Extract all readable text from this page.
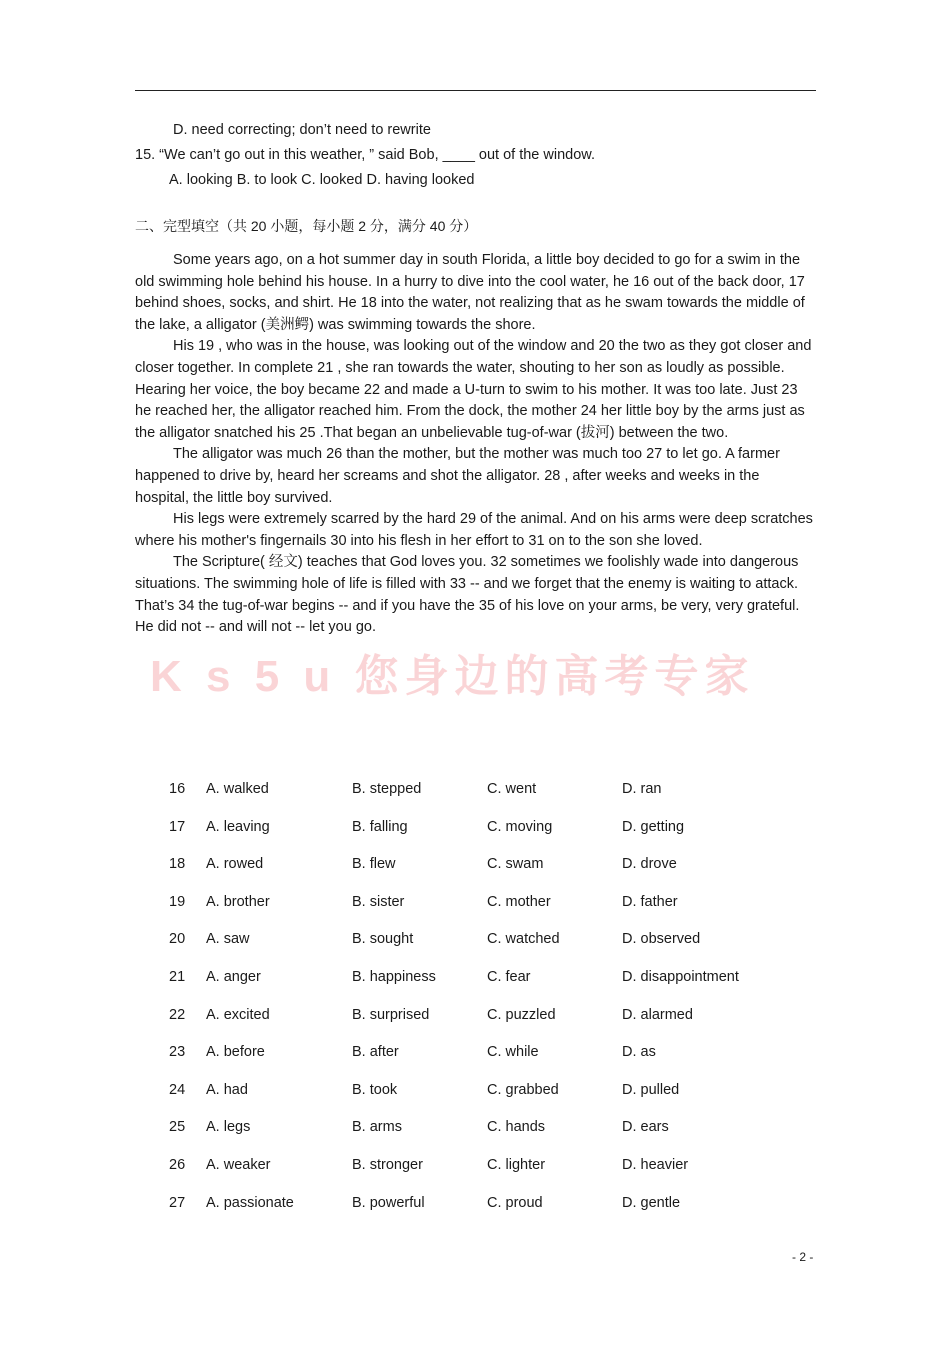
D. need correcting; don’t need to rewrite
15. “We can’t go out in this weather, ” said Bob, ____ out of the window.
A. looking B. to look C. looked D. having looked
二、完型填空（共 20 小题，每小题 2 分，满分 40 分）
K s 5 u 您身边的高考专家

Some years ago, on a hot summer day in south Florida, a little boy decided to go for a swim in the old swimming hole behind his house. In a hurry to dive into the cool water, he 16 out of the back door, 17 behind shoes, socks, and shirt. He 18 into the water, not realizing that as he swam towards the middle of the lake, a alligator (美洲鳄) was swimming towards the shore.

His 19 , who was in the house, was looking out of the window and 20 the two as they got closer and closer together. In complete 21 , she ran towards the water, shouting to her son as loudly as possible. Hearing her voice, the boy became 22 and made a U-turn to swim to his mother. It was too late. Just 23 he reached her, the alligator reached him. From the dock, the mother 24 her little boy by the arms just as the alligator snatched his 25 .That began an unbelievable tug-of-war (拔河) between the two.

The alligator was much 26 than the mother, but the mother was much too 27 to let go. A farmer happened to drive by, heard her screams and shot the alligator. 28 , after weeks and weeks in the hospital, the little boy survived.

His legs were extremely scarred by the hard 29 of the animal. And on his arms were deep scratches where his mother's fingernails 30 into his flesh in her effort to 31 on to the son she loved.

The Scripture( 经文) teaches that God loves you. 32 sometimes we foolishly wade into dangerous situations. The swimming hole of life is filled with 33 -- and we forget that the enemy is waiting to attack. That’s 34 the tug-of-war begins -- and if you have the 35 of his love on your arms, be very, very grateful.

He did not -- and will not -- let you go.

16 A. walked	B. stepped	C. went	D. ran
17 A. leaving	B. falling	C. moving	D. getting
18 A. rowed	B. flew	C. swam	D. drove
19 A. brother	B. sister	C. mother	D. father
20 A. saw	B. sought	C. watched	D. observed
21 A. anger	B. happiness	C. fear	D. disappointment
22 A. excited	B. surprised	C. puzzled	D. alarmed
23 A. before	B. after	C. while	D. as
24 A. had	B. took	C. grabbed	D. pulled
25 A. legs	B. arms	C. hands	D. ears
26 A. weaker	B. stronger	C. lighter	D. heavier
27 A. passionate	B. powerful	C. proud	D. gentle
- 2 -
